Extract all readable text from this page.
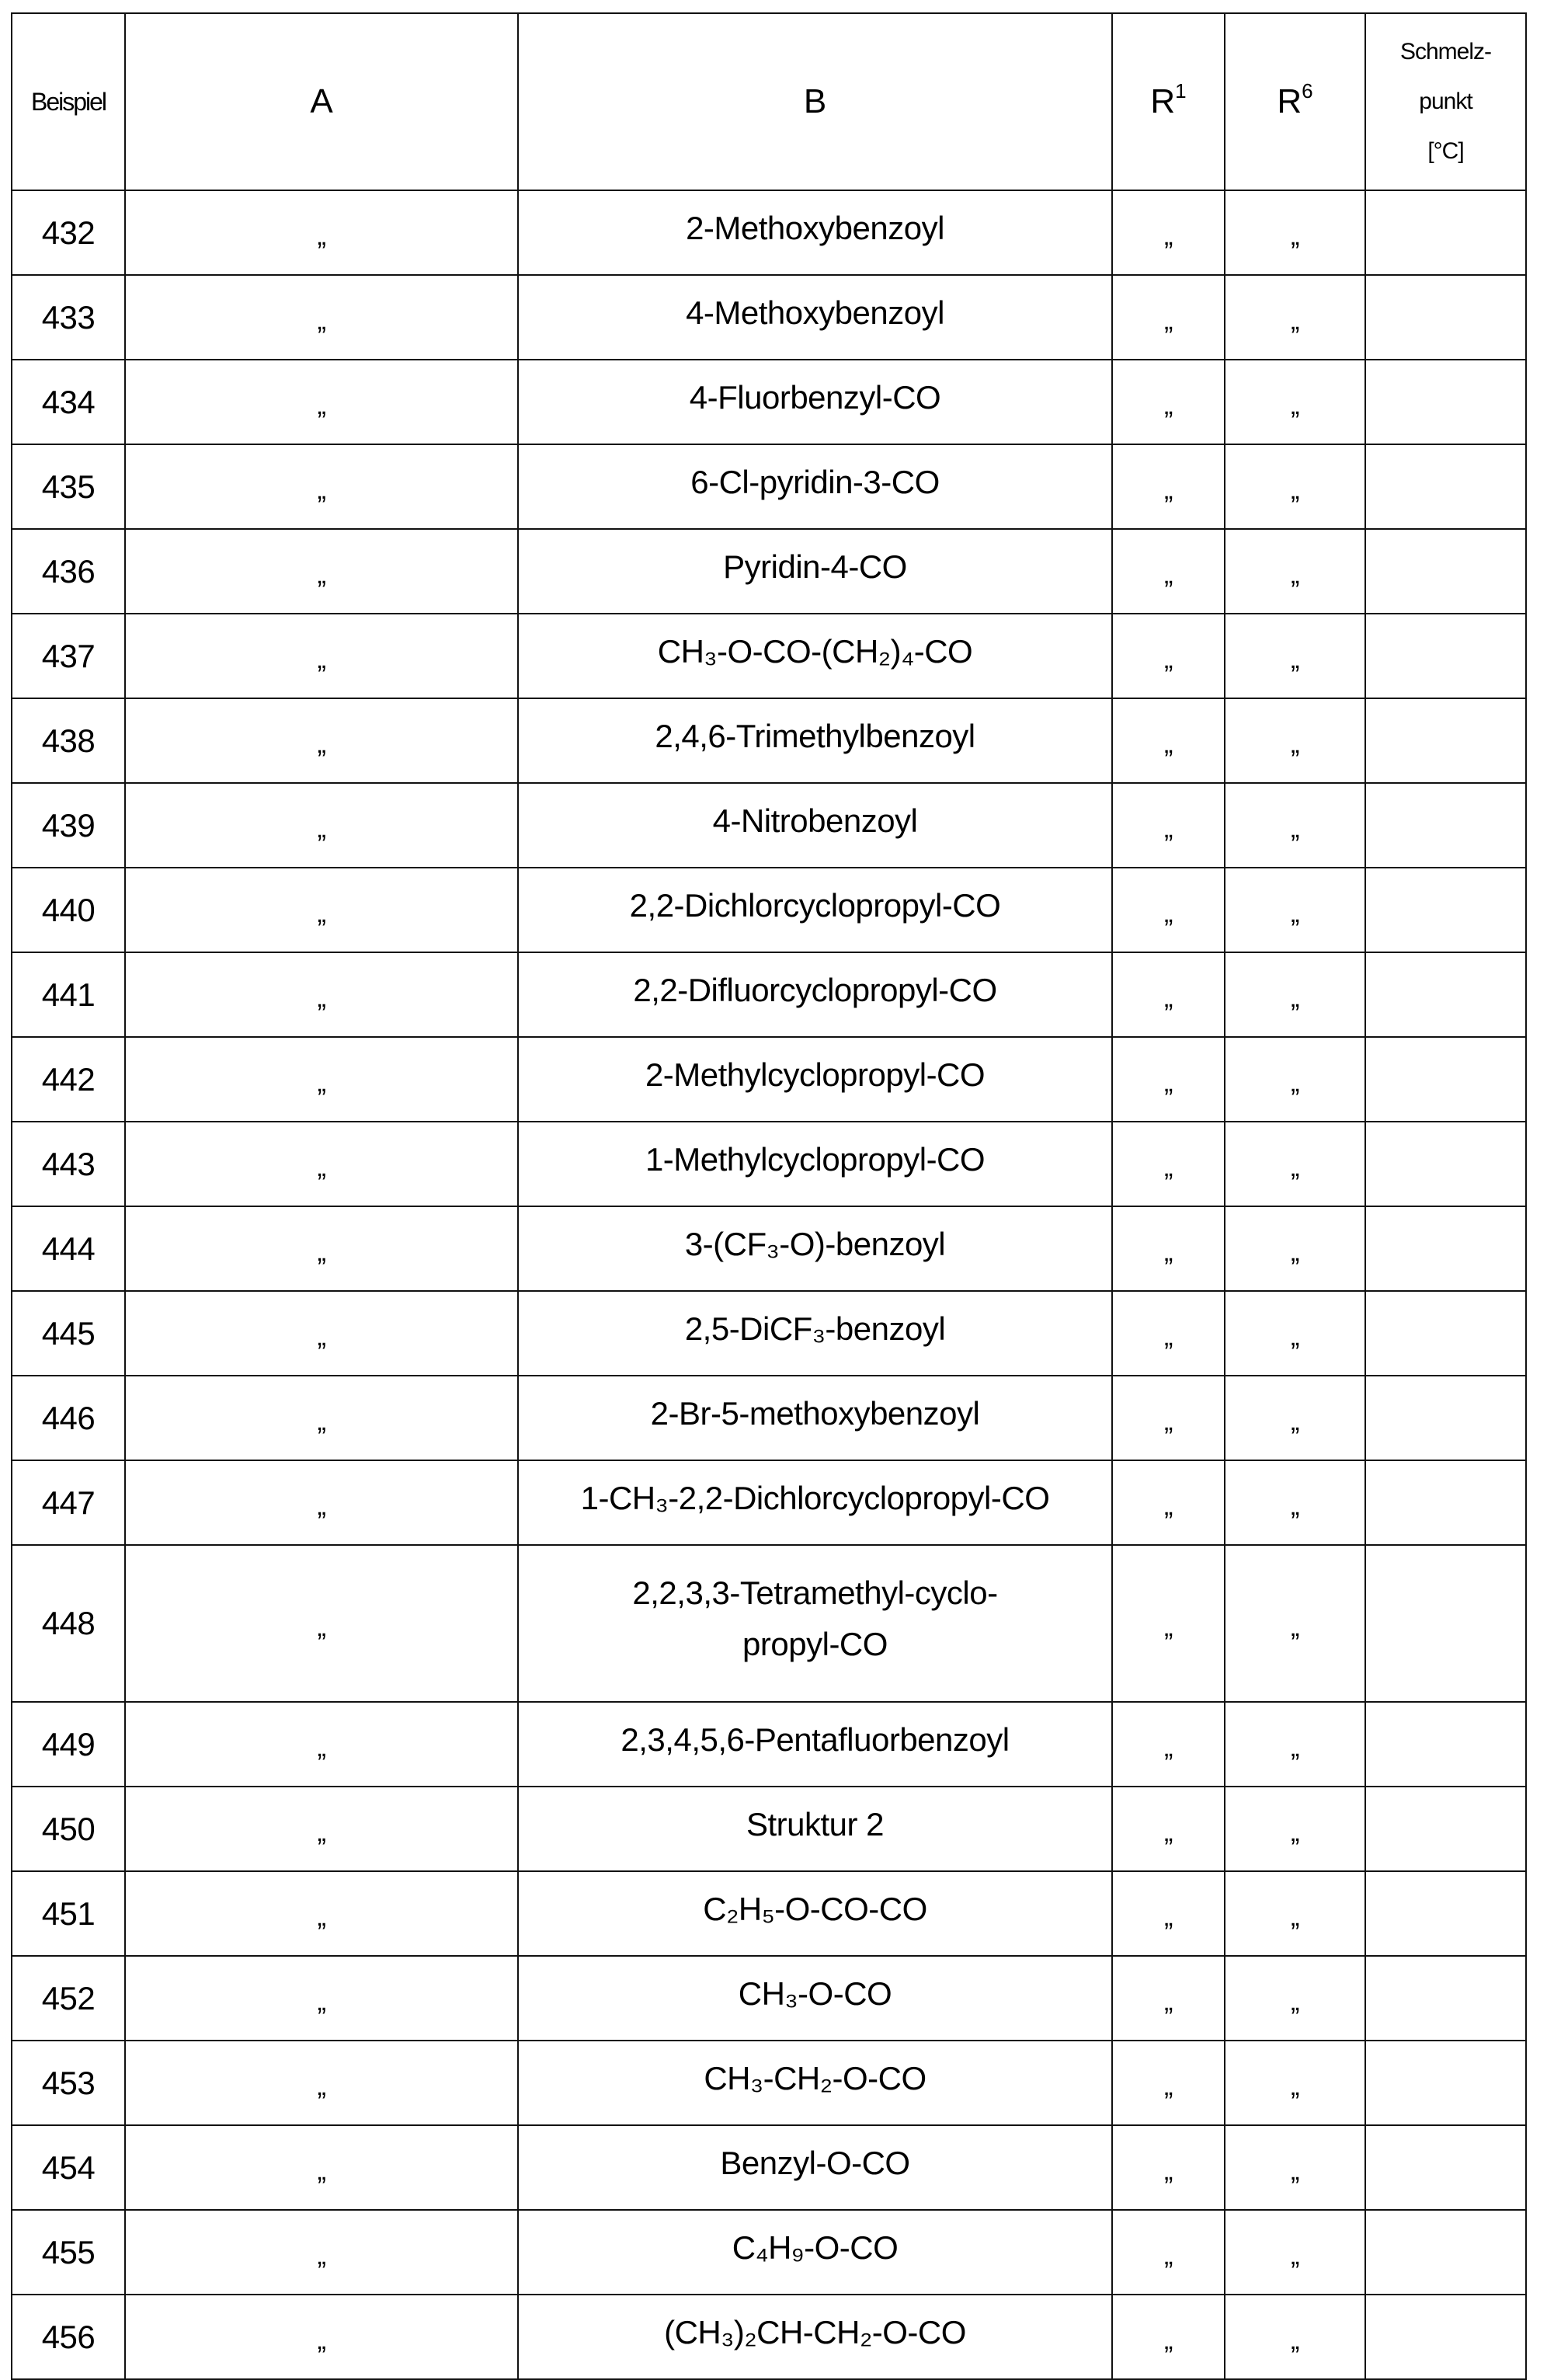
Beispiel	A	B	R1	R6	
Schmelz-
punkt
[°C]

432	„	2-Methoxybenzoyl	„	„	
433	„	4-Methoxybenzoyl	„	„	
434	„	4-Fluorbenzyl-CO	„	„	
435	„	6-Cl-pyridin-3-CO	„	„	
436	„	Pyridin-4-CO	„	„	
437	„	CH₃-O-CO-(CH₂)₄-CO	„	„	
438	„	2,4,6-Trimethylbenzoyl	„	„	
439	„	4-Nitrobenzoyl	„	„	
440	„	2,2-Dichlorcyclopropyl-CO	„	„	
441	„	2,2-Difluorcyclopropyl-CO	„	„	
442	„	2-Methylcyclopropyl-CO	„	„	
443	„	1-Methylcyclopropyl-CO	„	„	
444	„	3-(CF₃-O)-benzoyl	„	„	
445	„	2,5-DiCF₃-benzoyl	„	„	
446	„	2-Br-5-methoxybenzoyl	„	„	
447	„	1-CH₃-2,2-Dichlorcyclopropyl-CO	„	„	
448	„	
2,2,3,3-Tetramethyl-cyclo-
propyl-CO	„	„	
449	„	2,3,4,5,6-Pentafluorbenzoyl	„	„	
450	„	Struktur 2	„	„	
451	„	C₂H₅-O-CO-CO	„	„	
452	„	CH₃-O-CO	„	„	
453	„	CH₃-CH₂-O-CO	„	„	
454	„	Benzyl-O-CO	„	„	
455	„	C₄H₉-O-CO	„	„	
456	„	(CH₃)₂CH-CH₂-O-CO	„	„	
